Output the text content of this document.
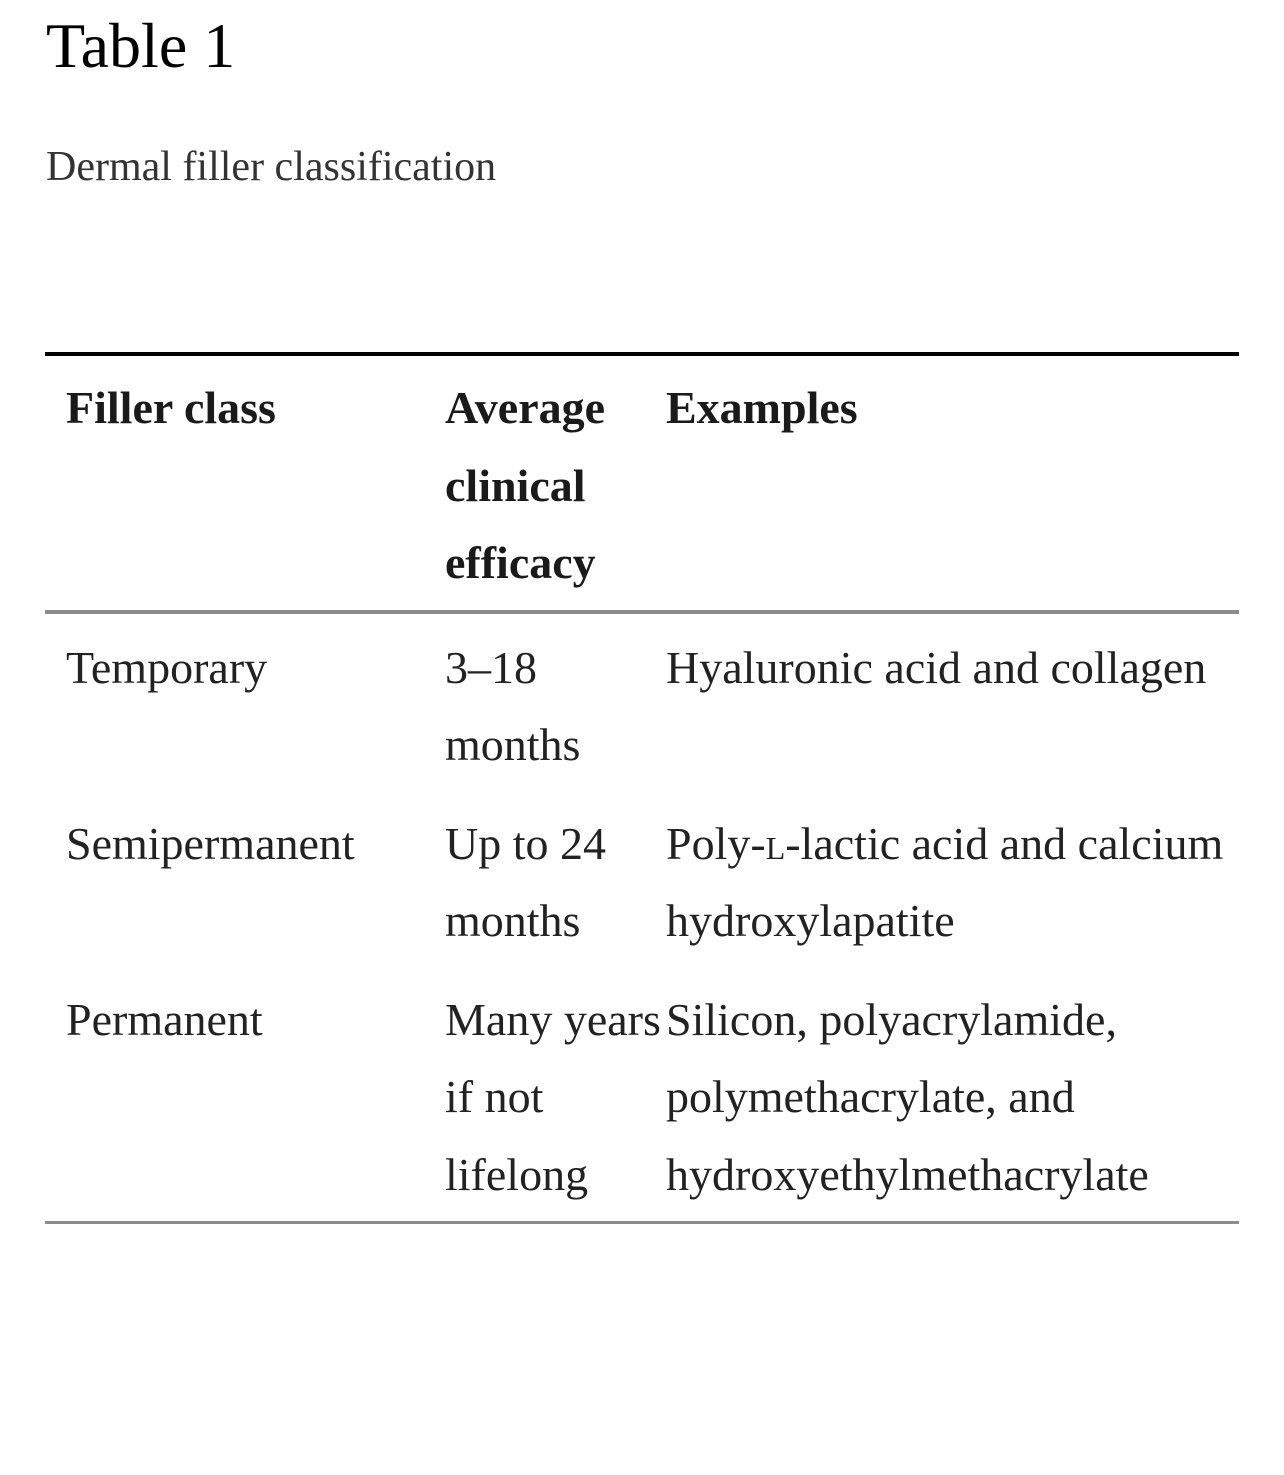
Table 1
Dermal filler classification
Filler class	Average clinical efficacy	Examples
Temporary	3–18 months	Hyaluronic acid and collagen
Semipermanent	Up to 24 months	Poly-l-lactic acid and calcium hydroxylapatite
Permanent	Many years if not lifelong	Silicon, polyacrylamide, polymethacrylate, and hydroxyethylmethacrylate
